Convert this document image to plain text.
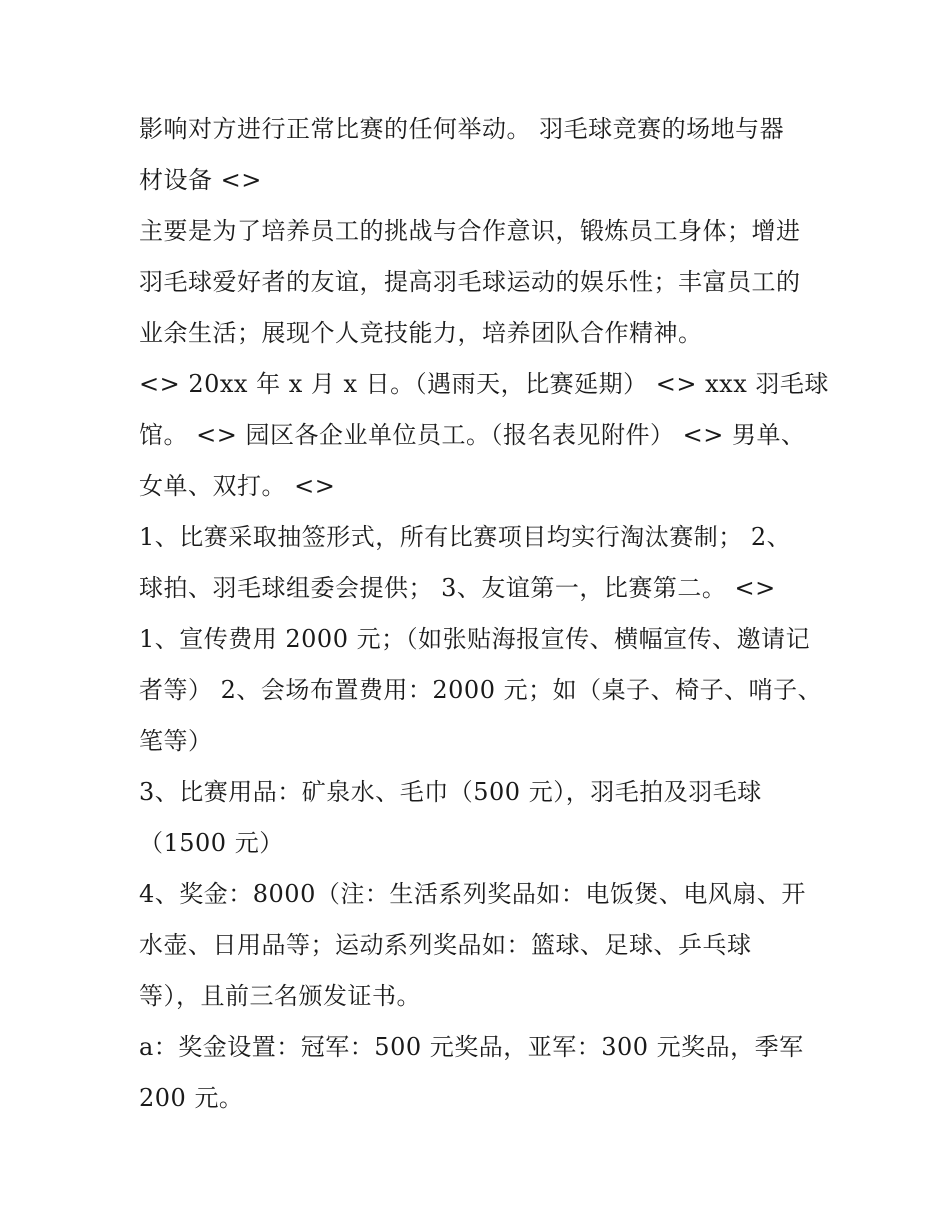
影响对方进行正常比赛的任何举动。 羽毛球竞赛的场地与器
材设备 <>
主要是为了培养员工的挑战与合作意识，锻炼员工身体；增进
羽毛球爱好者的友谊，提高羽毛球运动的娱乐性；丰富员工的
业余生活；展现个人竞技能力，培养团队合作精神。
<> 20xx 年 x 月 x 日。（遇雨天，比赛延期） <> xxx 羽毛球
馆。 <> 园区各企业单位员工。（报名表见附件） <> 男单、
女单、双打。 <>
1、比赛采取抽签形式，所有比赛项目均实行淘汰赛制； 2、
球拍、羽毛球组委会提供； 3、友谊第一，比赛第二。 <>
1、宣传费用 2000 元；（如张贴海报宣传、横幅宣传、邀请记
者等） 2、会场布置费用：2000 元；如（桌子、椅子、哨子、
笔等）
3、比赛用品：矿泉水、毛巾（500 元），羽毛拍及羽毛球
（1500 元）
4、奖金：8000（注：生活系列奖品如：电饭煲、电风扇、开
水壶、日用品等；运动系列奖品如：篮球、足球、乒乓球
等），且前三名颁发证书。
a：奖金设置：冠军：500 元奖品，亚军：300 元奖品，季军
200 元。
